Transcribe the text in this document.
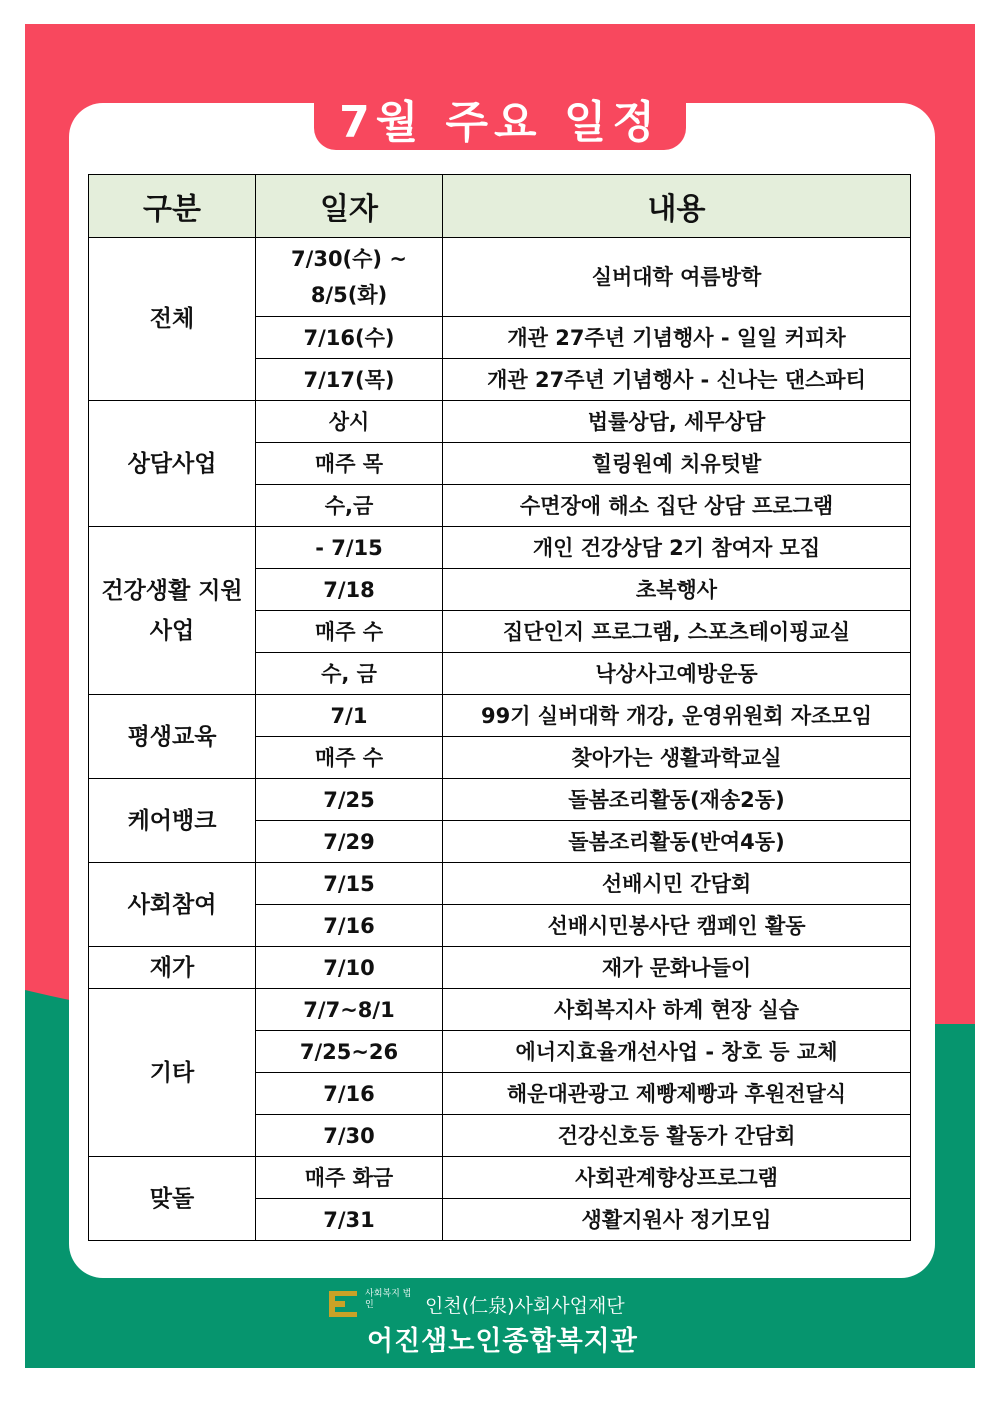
7월 주요 일정
구분	일자	내용
전체	7/30(수) ~ 8/5(화)	실버대학 여름방학
	7/16(수)	개관 27주년 기념행사 - 일일 커피차
	7/17(목)	개관 27주년 기념행사 - 신나는 댄스파티
상담사업	상시	법률상담, 세무상담
	매주 목	힐링원예 치유텃밭
	수,금	수면장애 해소 집단 상담 프로그램
건강생활 지원사업	- 7/15	개인 건강상담 2기 참여자 모집
	7/18	초복행사
	매주 수	집단인지 프로그램, 스포츠테이핑교실
	수, 금	낙상사고예방운동
평생교육	7/1	99기 실버대학 개강, 운영위원회 자조모임
	매주 수	찾아가는 생활과학교실
케어뱅크	7/25	돌봄조리활동(재송2동)
	7/29	돌봄조리활동(반여4동)
사회참여	7/15	선배시민 간담회
	7/16	선배시민봉사단 캠페인 활동
재가	7/10	재가 문화나들이
기타	7/7~8/1	사회복지사 하계 현장 실습
	7/25~26	에너지효율개선사업 - 창호 등 교체
	7/16	해운대관광고 제빵제빵과 후원전달식
	7/30	건강신호등 활동가 간담회
맞돌	매주 화금	사회관계향상프로그램
	7/31	생활지원사 정기모임
사회복지 법인	인천(仁泉)사회사업재단
어진샘노인종합복지관
